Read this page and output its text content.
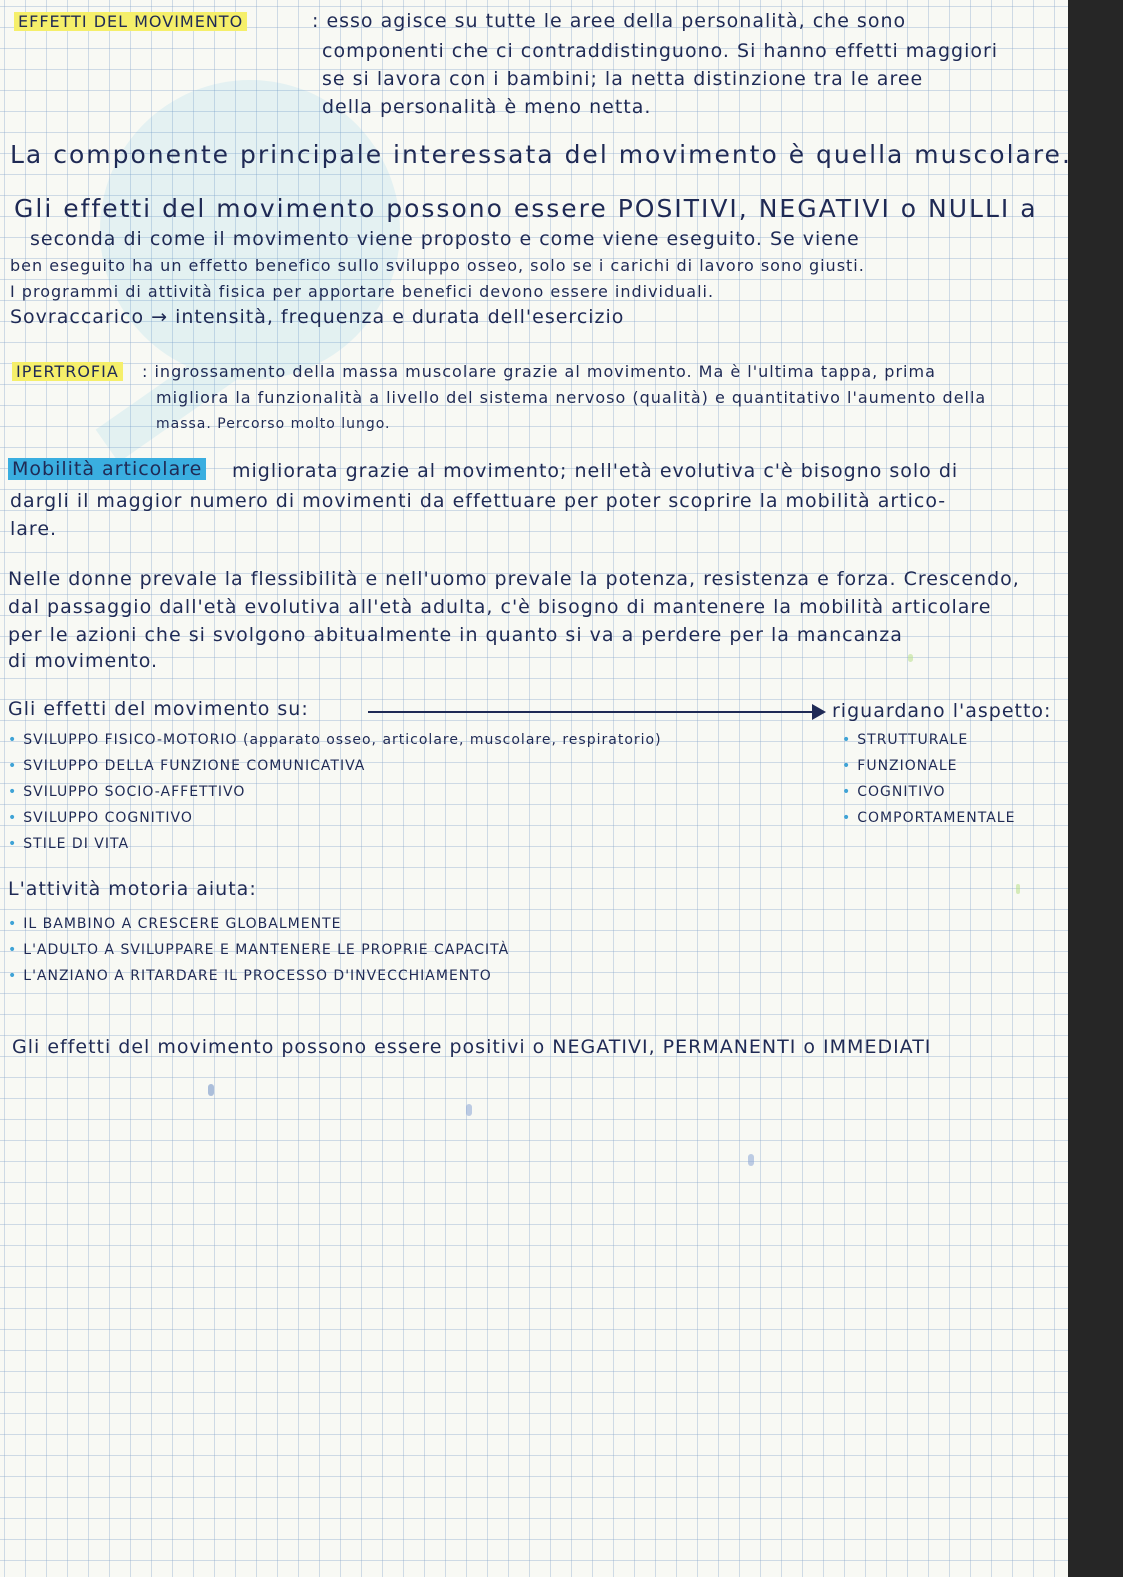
EFFETTI DEL MOVIMENTO	: esso agisce su tutte le aree della personalità, che sono
componenti che ci contraddistinguono. Si hanno effetti maggiori
se si lavora con i bambini; la netta distinzione tra le aree
della personalità è meno netta.
La componente principale interessata del movimento è quella muscolare.
Gli effetti del movimento possono essere POSITIVI, NEGATIVI o NULLI a
seconda di come il movimento viene proposto e come viene eseguito. Se viene
ben eseguito ha un effetto benefico sullo sviluppo osseo, solo se i carichi di lavoro sono giusti.
I programmi di attività fisica per apportare benefici devono essere individuali.
Sovraccarico → intensità, frequenza e durata dell'esercizio
IPERTROFIA : ingrossamento della massa muscolare grazie al movimento. Ma è l'ultima tappa, prima
migliora la funzionalità a livello del sistema nervoso (qualità) e quantitativo l'aumento della
massa. Percorso molto lungo.
Mobilità articolare migliorata grazie al movimento; nell'età evolutiva c'è bisogno solo di
dargli il maggior numero di movimenti da effettuare per poter scoprire la mobilità artico-
lare.
Nelle donne prevale la flessibilità e nell'uomo prevale la potenza, resistenza e forza. Crescendo,
dal passaggio dall'età evolutiva all'età adulta, c'è bisogno di mantenere la mobilità articolare
per le azioni che si svolgono abitualmente in quanto si va a perdere per la mancanza
di movimento.
Gli effetti del movimento su:	riguardano l'aspetto:
• SVILUPPO FISICO-MOTORIO (apparato osseo, articolare, muscolare, respiratorio)
• SVILUPPO DELLA FUNZIONE COMUNICATIVA
• SVILUPPO SOCIO-AFFETTIVO
• SVILUPPO COGNITIVO
• STILE DI VITA
• STRUTTURALE
• FUNZIONALE
• COGNITIVO
• COMPORTAMENTALE
L'attività motoria aiuta:
• IL BAMBINO A CRESCERE GLOBALMENTE
• L'ADULTO A SVILUPPARE E MANTENERE LE PROPRIE CAPACITÀ
• L'ANZIANO A RITARDARE IL PROCESSO D'INVECCHIAMENTO
Gli effetti del movimento possono essere positivi o NEGATIVI, PERMANENTI o IMMEDIATI
